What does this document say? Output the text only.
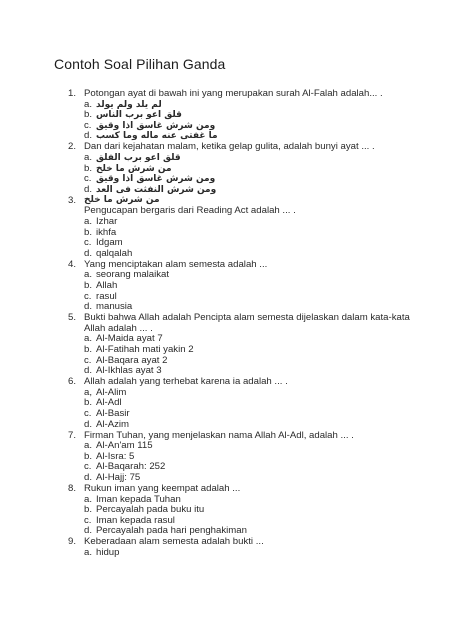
Contoh Soal Pilihan Ganda
1. Potongan ayat di bawah ini yang merupakan surah Al-Falah adalah... .
a. لم يلد ولم يولد
b. قلق اعو برب الناس
c. ومن شرش غاسق اذا وقيق
d. ما غفتى عنه ماله وما كسب
2. Dan dari kejahatan malam, ketika gelap gulita, adalah bunyi ayat ... .
a. قلق اعو برب الفلق
b. من شرش ما خلخ
c. ومن شرش غاسق اذا وقيق
d. ومن شرش النفثت فى العد
3. من شرش ما خلخ
Pengucapan bergaris dari Reading Act adalah ... .
a. Izhar
b. ikhfa
c. Idgam
d. qalqalah
4. Yang menciptakan alam semesta adalah ...
a. seorang malaikat
b. Allah
c. rasul
d. manusia
5. Bukti bahwa Allah adalah Pencipta alam semesta dijelaskan dalam kata-kata
Allah adalah ... .
a. Al-Maida ayat 7
b. Al-Fatihah mati yakin 2
c. Al-Baqara ayat 2
d. Al-Ikhlas ayat 3
6. Allah adalah yang terhebat karena ia adalah ... .
a, Al-Alim
b. Al-Adl
c. Al-Basir
d. Al-Azim
7. Firman Tuhan, yang menjelaskan nama Allah Al-Adl, adalah ... .
a. Al-An'am 115
b. Al-Isra: 5
c. Al-Baqarah: 252
d. Al-Hajj: 75
8. Rukun iman yang keempat adalah ...
a. Iman kepada Tuhan
b. Percayalah pada buku itu
c. Iman kepada rasul
d. Percayalah pada hari penghakiman
9. Keberadaan alam semesta adalah bukti ...
a. hidup
